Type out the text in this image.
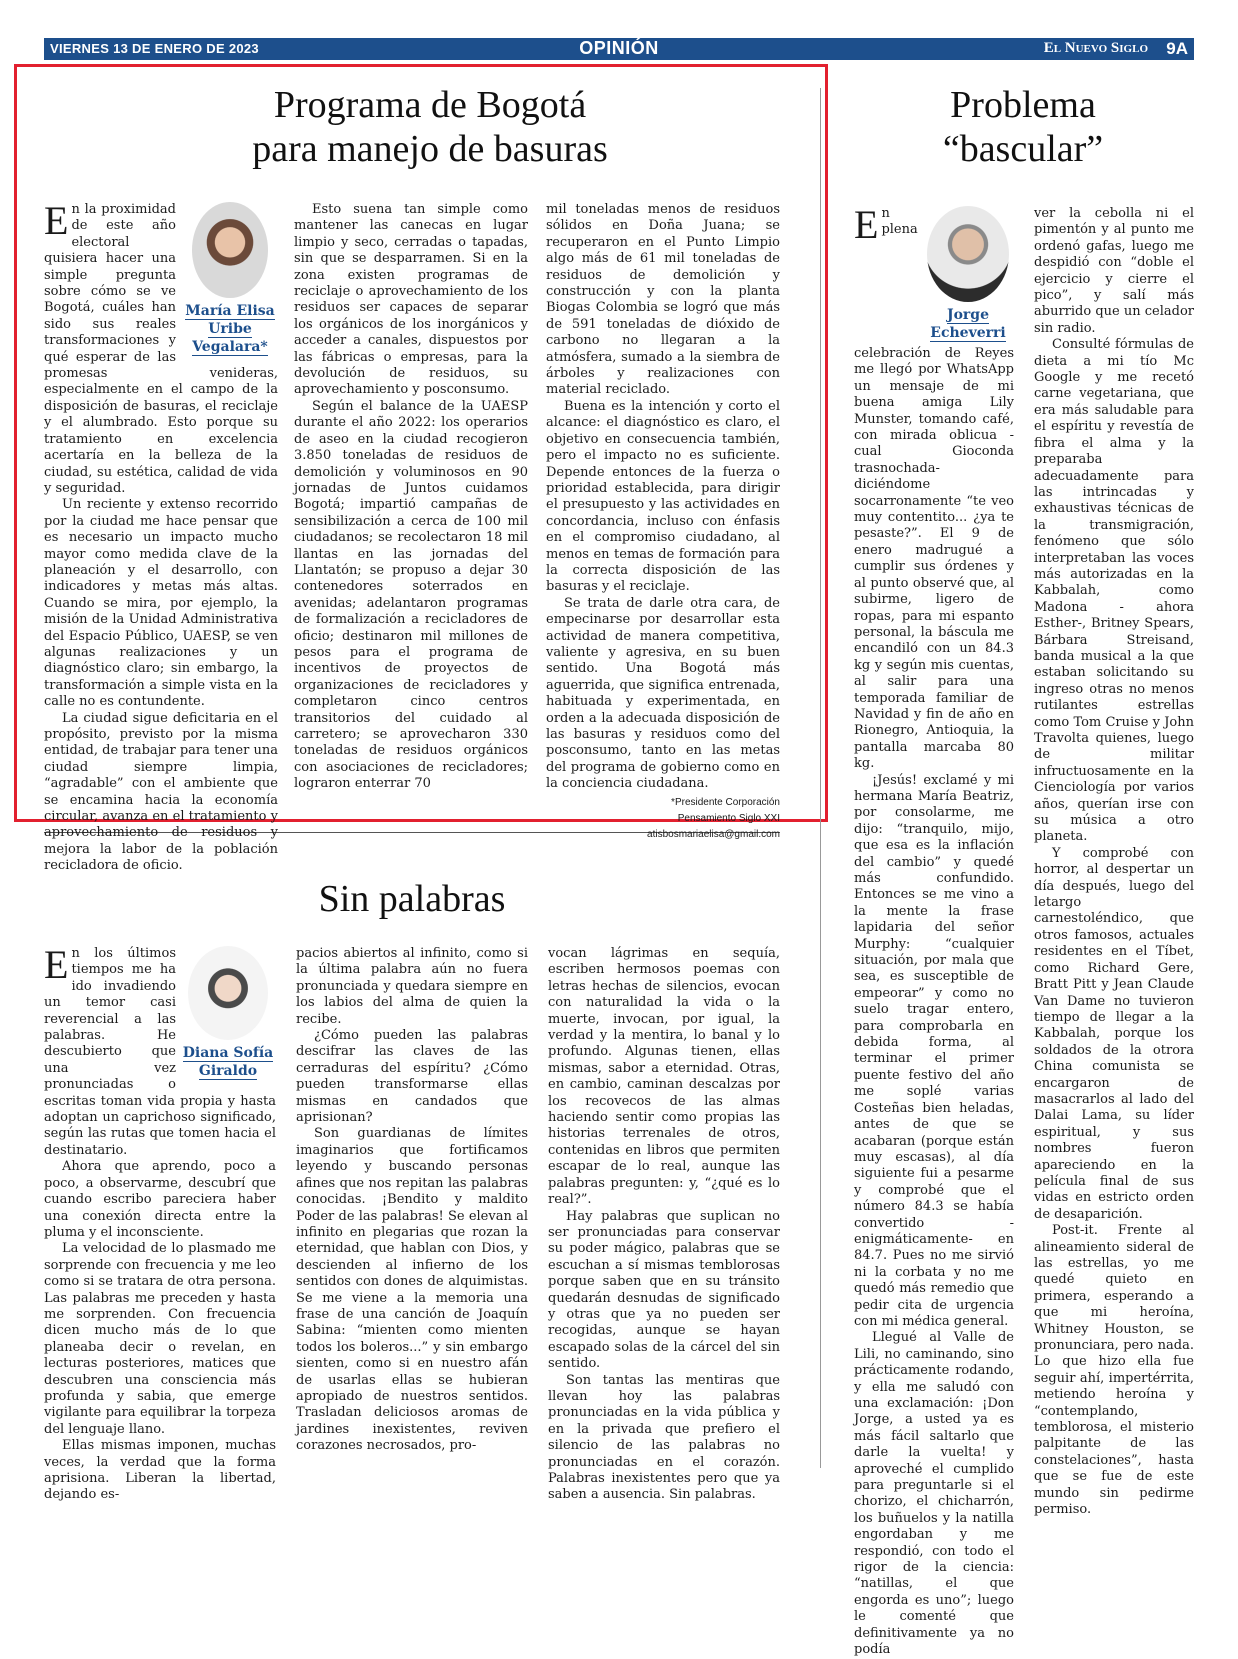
VIERNES 13 DE ENERO DE 2023	OPINIÓN	El Nuevo Siglo 9A
Programa de Bogotá
para manejo de basuras
María Elisa Uribe Vegalara*

En la proximidad de este año electoral quisiera hacer una simple pregunta sobre cómo se ve Bogotá, cuáles han sido sus reales transformaciones y qué esperar de las promesas venideras, especialmente en el campo de la disposición de basuras, el reciclaje y el alumbrado. Esto porque su tratamiento en excelencia acertaría en la belleza de la ciudad, su estética, calidad de vida y seguridad.

Un reciente y extenso recorrido por la ciudad me hace pensar que es necesario un impacto mucho mayor como medida clave de la planeación y el desarrollo, con indicadores y metas más altas. Cuando se mira, por ejemplo, la misión de la Unidad Administrativa del Espacio Público, UAESP, se ven algunas realizaciones y un diagnóstico claro; sin embargo, la transformación a simple vista en la calle no es contundente.

La ciudad sigue deficitaria en el propósito, previsto por la misma entidad, de trabajar para tener una ciudad siempre limpia, “agradable” con el ambiente que se encamina hacia la economía circular, avanza en el tratamiento y aprovechamiento de residuos y mejora la labor de la población recicladora de oficio.

Esto suena tan simple como mantener las canecas en lugar limpio y seco, cerradas o tapadas, sin que se desparramen. Si en la zona existen programas de reciclaje o aprovechamiento de los residuos ser capaces de separar los orgánicos de los inorgánicos y acceder a canales, dispuestos por las fábricas o empresas, para la devolución de residuos, su aprovechamiento y posconsumo.

Según el balance de la UAESP durante el año 2022: los operarios de aseo en la ciudad recogieron 3.850 toneladas de residuos de demolición y voluminosos en 90 jornadas de Juntos cuidamos Bogotá; impartió campañas de sensibilización a cerca de 100 mil ciudadanos; se recolectaron 18 mil llantas en las jornadas del Llantatón; se propuso a dejar 30 contenedores soterrados en avenidas; adelantaron programas de formalización a recicladores de oficio; destinaron mil millones de pesos para el programa de incentivos de proyectos de organizaciones de recicladores y completaron cinco centros transitorios del cuidado al carretero; se aprovecharon 330 toneladas de residuos orgánicos con asociaciones de recicladores; lograron enterrar 70

mil toneladas menos de residuos sólidos en Doña Juana; se recuperaron en el Punto Limpio algo más de 61 mil toneladas de residuos de demolición y construcción y con la planta Biogas Colombia se logró que más de 591 toneladas de dióxido de carbono no llegaran a la atmósfera, sumado a la siembra de árboles y realizaciones con material reciclado.

Buena es la intención y corto el alcance: el diagnóstico es claro, el objetivo en consecuencia también, pero el impacto no es suficiente. Depende entonces de la fuerza o prioridad establecida, para dirigir el presupuesto y las actividades en concordancia, incluso con énfasis en el compromiso ciudadano, al menos en temas de formación para la correcta disposición de las basuras y el reciclaje.

Se trata de darle otra cara, de empecinarse por desarrollar esta actividad de manera competitiva, valiente y agresiva, en su buen sentido. Una Bogotá más aguerrida, que significa entrenada, habituada y experimentada, en orden a la adecuada disposición de las basuras y residuos como del posconsumo, tanto en las metas del programa de gobierno como en la conciencia ciudadana.

*Presidente Corporación
Pensamiento Siglo XXI
atisbosmariaelisa@gmail.com
Problema
“bascular”
Jorge Echeverri

En plena celebración de Reyes me llegó por WhatsApp un mensaje de mi buena amiga Lily Munster, tomando café, con mirada oblicua -cual Gioconda trasnochada- diciéndome socarronamente “te veo muy contentito... ¿ya te pesaste?”. El 9 de enero madrugué a cumplir sus órdenes y al punto observé que, al subirme, ligero de ropas, para mi espanto personal, la báscula me encandiló con un 84.3 kg y según mis cuentas, al salir para una temporada familiar de Navidad y fin de año en Rionegro, Antioquia, la pantalla marcaba 80 kg.

¡Jesús! exclamé y mi hermana María Beatriz, por consolarme, me dijo: “tranquilo, mijo, que esa es la inflación del cambio” y quedé más confundido. Entonces se me vino a la mente la frase lapidaria del señor Murphy: “cualquier situación, por mala que sea, es susceptible de empeorar” y como no suelo tragar entero, para comprobarla en debida forma, al terminar el primer puente festivo del año me soplé varias Costeñas bien heladas, antes de que se acabaran (porque están muy escasas), al día siguiente fui a pesarme y comprobé que el número 84.3 se había convertido -enigmáticamente- en 84.7. Pues no me sirvió ni la corbata y no me quedó más remedio que pedir cita de urgencia con mi médica general.

Llegué al Valle de Lili, no caminando, sino prácticamente rodando, y ella me saludó con una exclamación: ¡Don Jorge, a usted ya es más fácil saltarlo que darle la vuelta! y aproveché el cumplido para preguntarle si el chorizo, el chicharrón, los buñuelos y la natilla engordaban y me respondió, con todo el rigor de la ciencia: “natillas, el que engorda es uno”; luego le comenté que definitivamente ya no podía

ver la cebolla ni el pimentón y al punto me ordenó gafas, luego me despidió con “doble el ejercicio y cierre el pico”, y salí más aburrido que un celador sin radio.

Consulté fórmulas de dieta a mi tío Mc Google y me recetó carne vegetariana, que era más saludable para el espíritu y revestía de fibra el alma y la preparaba adecuadamente para las intrincadas y exhaustivas técnicas de la transmigración, fenómeno que sólo interpretaban las voces más autorizadas en la Kabbalah, como Madona - ahora Esther-, Britney Spears, Bárbara Streisand, banda musical a la que estaban solicitando su ingreso otras no menos rutilantes estrellas como Tom Cruise y John Travolta quienes, luego de militar infructuosamente en la Cienciología por varios años, querían irse con su música a otro planeta.

Y comprobé con horror, al despertar un día después, luego del letargo carnestoléndico, que otros famosos, actuales residentes en el Tíbet, como Richard Gere, Bratt Pitt y Jean Claude Van Dame no tuvieron tiempo de llegar a la Kabbalah, porque los soldados de la otrora China comunista se encargaron de masacrarlos al lado del Dalai Lama, su líder espiritual, y sus nombres fueron apareciendo en la película final de sus vidas en estricto orden de desaparición.

Post-it. Frente al alineamiento sideral de las estrellas, yo me quedé quieto en primera, esperando a que mi heroína, Whitney Houston, se pronunciara, pero nada. Lo que hizo ella fue seguir ahí, impertérrita, metiendo heroína y “contemplando, temblorosa, el misterio palpitante de las constelaciones”, hasta que se fue de este mundo sin pedirme permiso.

Sin palabras
Diana Sofía Giraldo

En los últimos tiempos me ha ido invadiendo un temor casi reverencial a las palabras. He descubierto que una vez pronunciadas o escritas toman vida propia y hasta adoptan un caprichoso significado, según las rutas que tomen hacia el destinatario.

Ahora que aprendo, poco a poco, a observarme, descubrí que cuando escribo pareciera haber una conexión directa entre la pluma y el inconsciente.

La velocidad de lo plasmado me sorprende con frecuencia y me leo como si se tratara de otra persona. Las palabras me preceden y hasta me sorprenden. Con frecuencia dicen mucho más de lo que planeaba decir o revelan, en lecturas posteriores, matices que descubren una consciencia más profunda y sabia, que emerge vigilante para equilibrar la torpeza del lenguaje llano.

Ellas mismas imponen, muchas veces, la verdad que la forma aprisiona. Liberan la libertad, dejando es-

pacios abiertos al infinito, como si la última palabra aún no fuera pronunciada y quedara siempre en los labios del alma de quien la recibe.

¿Cómo pueden las palabras descifrar las claves de las cerraduras del espíritu? ¿Cómo pueden transformarse ellas mismas en candados que aprisionan?

Son guardianas de límites imaginarios que fortificamos leyendo y buscando personas afines que nos repitan las palabras conocidas. ¡Bendito y maldito Poder de las palabras! Se elevan al infinito en plegarias que rozan la eternidad, que hablan con Dios, y descienden al infierno de los sentidos con dones de alquimistas. Se me viene a la memoria una frase de una canción de Joaquín Sabina: “mienten como mienten todos los boleros...” y sin embargo sienten, como si en nuestro afán de usarlas ellas se hubieran apropiado de nuestros sentidos. Trasladan deliciosos aromas de jardines inexistentes, reviven corazones necrosados, pro-

vocan lágrimas en sequía, escriben hermosos poemas con letras hechas de silencios, evocan con naturalidad la vida o la muerte, invocan, por igual, la verdad y la mentira, lo banal y lo profundo. Algunas tienen, ellas mismas, sabor a eternidad. Otras, en cambio, caminan descalzas por los recovecos de las almas haciendo sentir como propias las historias terrenales de otros, contenidas en libros que permiten escapar de lo real, aunque las palabras pregunten: y, “¿qué es lo real?”.

Hay palabras que suplican no ser pronunciadas para conservar su poder mágico, palabras que se escuchan a sí mismas temblorosas porque saben que en su tránsito quedarán desnudas de significado y otras que ya no pueden ser recogidas, aunque se hayan escapado solas de la cárcel del sin sentido.

Son tantas las mentiras que llevan hoy las palabras pronunciadas en la vida pública y en la privada que prefiero el silencio de las palabras no pronunciadas en el corazón. Palabras inexistentes pero que ya saben a ausencia. Sin palabras.
